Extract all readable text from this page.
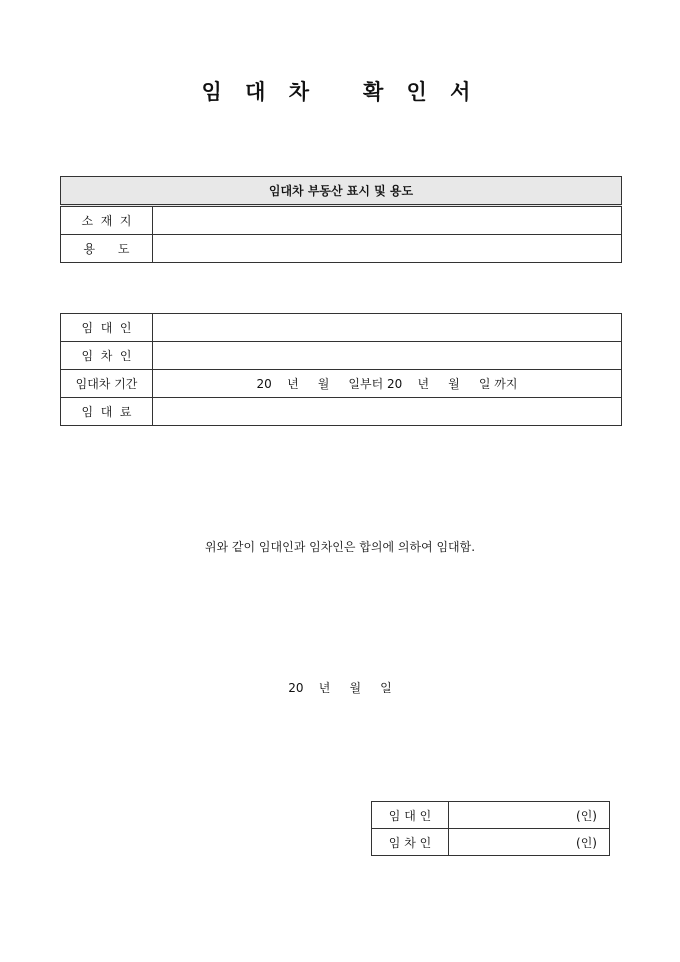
임 대 차   확 인 서
임대차 부동산 표시 및 용도	
소  재  지	
용      도	
임  대  인	
임  차  인	
임대차 기간	20    년     월     일부터 20    년     월     일 까지
임  대  료	
위와 같이 임대인과 임차인은 합의에 의하여 임대함.
20    년     월     일
임 대 인	(인)
임 차 인	(인)
